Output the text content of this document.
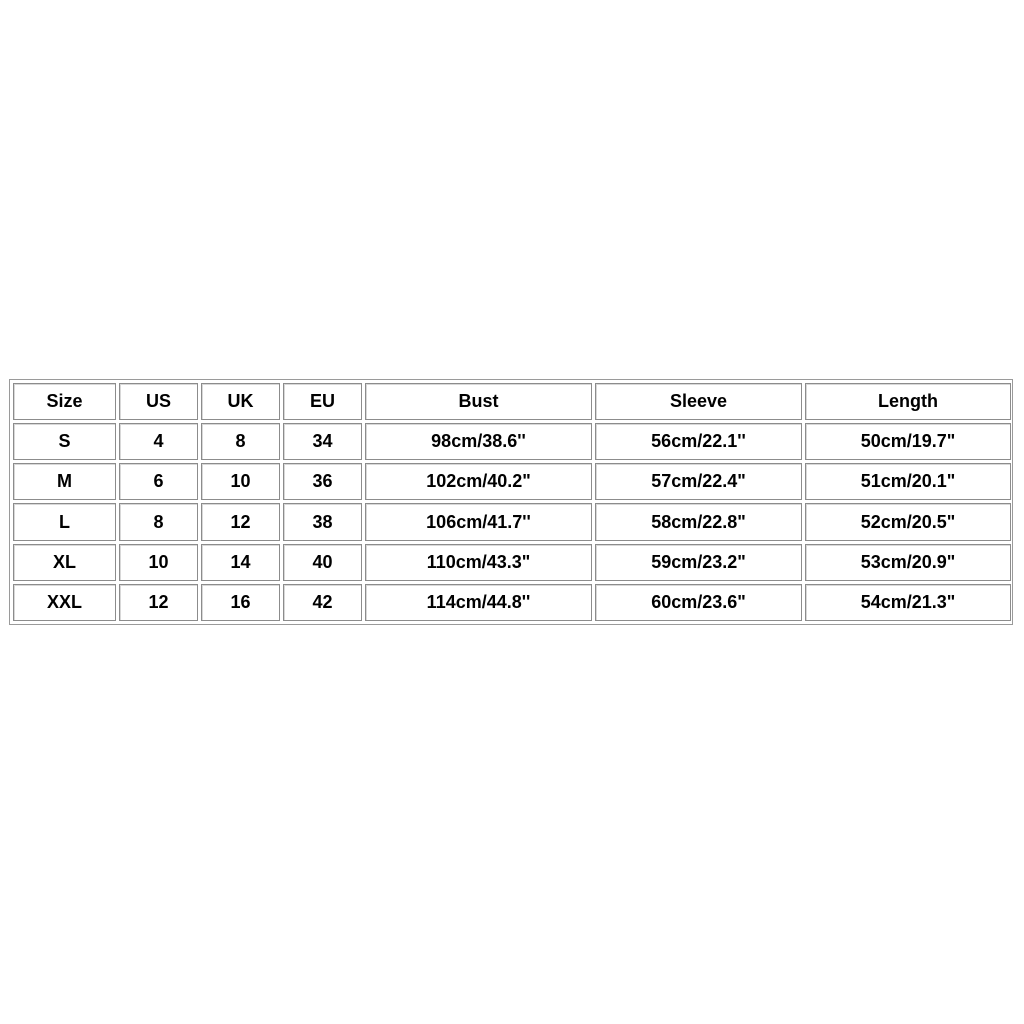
Size	US	UK	EU	Bust	Sleeve	Length
S	4	8	34	98cm/38.6''	56cm/22.1''	50cm/19.7"
M	6	10	36	102cm/40.2"	57cm/22.4"	51cm/20.1"
L	8	12	38	106cm/41.7''	58cm/22.8"	52cm/20.5"
XL	10	14	40	110cm/43.3"	59cm/23.2"	53cm/20.9"
XXL	12	16	42	114cm/44.8''	60cm/23.6"	54cm/21.3"
